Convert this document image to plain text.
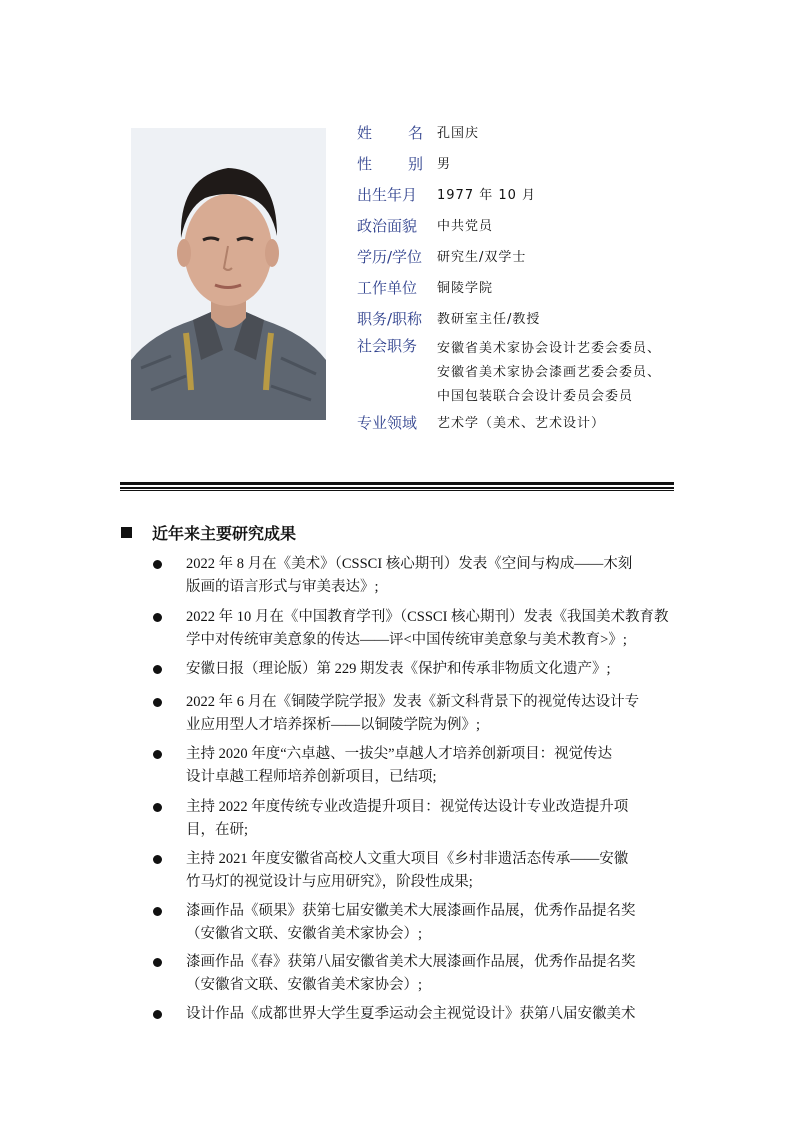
姓 名 孔国庆
性 别 男
出生年月	1977 年 10 月
政治面貌	中共党员
学历/学位	研究生/双学士
工作单位	铜陵学院
职务/职称	教研室主任/教授
社会职务	安徽省美术家协会设计艺委会委员、
安徽省美术家协会漆画艺委会委员、
中国包装联合会设计委员会委员
专业领域	艺术学（美术、艺术设计）
近年来主要研究成果
2022 年 8 月在《美术》（CSSCI 核心期刊）发表《空间与构成——木刻
版画的语言形式与审美表达》;
2022 年 10 月在《中国教育学刊》（CSSCI 核心期刊）发表《我国美术教育教
学中对传统审美意象的传达——评<中国传统审美意象与美术教育>》;
安徽日报（理论版）第 229 期发表《保护和传承非物质文化遗产》;
2022 年 6 月在《铜陵学院学报》发表《新文科背景下的视觉传达设计专
业应用型人才培养探析——以铜陵学院为例》;
主持 2020 年度“六卓越、一拔尖”卓越人才培养创新项目：视觉传达
设计卓越工程师培养创新项目，已结项;
主持 2022 年度传统专业改造提升项目：视觉传达设计专业改造提升项
目，在研;
主持 2021 年度安徽省高校人文重大项目《乡村非遗活态传承——安徽
竹马灯的视觉设计与应用研究》，阶段性成果;
漆画作品《硕果》获第七届安徽美术大展漆画作品展，优秀作品提名奖
（安徽省文联、安徽省美术家协会）;
漆画作品《春》获第八届安徽省美术大展漆画作品展，优秀作品提名奖
（安徽省文联、安徽省美术家协会）;
设计作品《成都世界大学生夏季运动会主视觉设计》获第八届安徽美术
